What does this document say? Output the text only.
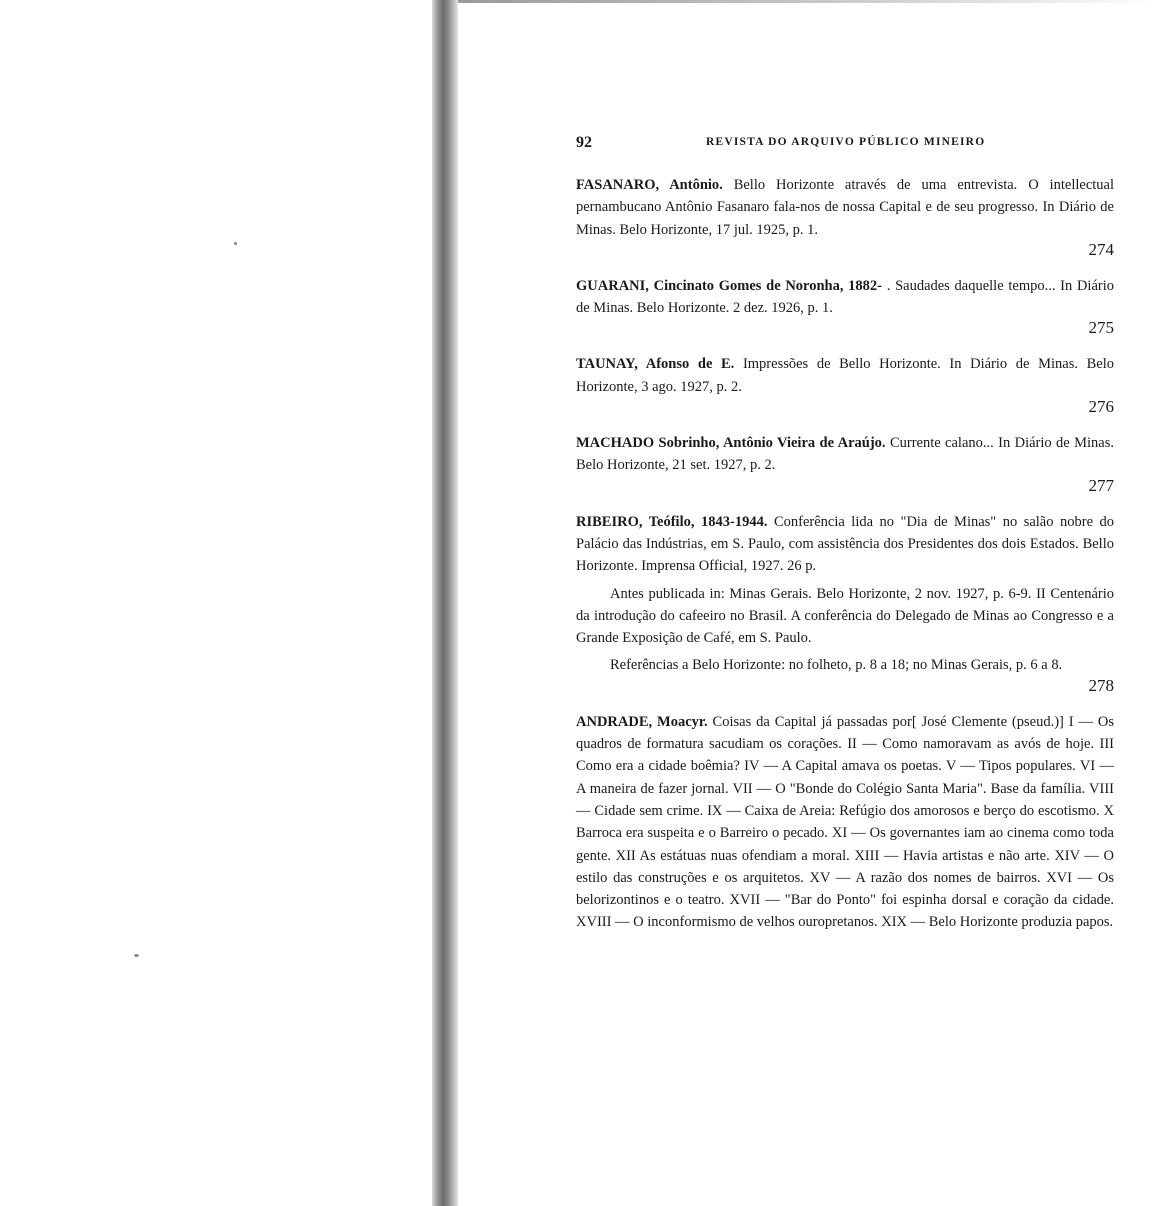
92	REVISTA DO ARQUIVO PÚBLICO MINEIRO

FASANARO, Antônio. Bello Horizonte através de uma entrevista. O intellectual pernambucano Antônio Fasanaro fala-nos de nossa Capital e de seu progresso. In Diário de Minas. Belo Horizonte, 17 jul. 1925, p. 1.

274

GUARANI, Cincinato Gomes de Noronha, 1882- . Saudades daquelle tempo... In Diário de Minas. Belo Horizonte. 2 dez. 1926, p. 1.

275

TAUNAY, Afonso de E. Impressões de Bello Horizonte. In Diário de Minas. Belo Horizonte, 3 ago. 1927, p. 2.

276

MACHADO Sobrinho, Antônio Vieira de Araújo. Currente calano... In Diário de Minas. Belo Horizonte, 21 set. 1927, p. 2.

277

RIBEIRO, Teófilo, 1843-1944. Conferência lida no "Dia de Minas" no salão nobre do Palácio das Indústrias, em S. Paulo, com assistência dos Presidentes dos dois Estados. Bello Horizonte. Imprensa Official, 1927. 26 p.

Antes publicada in: Minas Gerais. Belo Horizonte, 2 nov. 1927, p. 6-9. II Centenário da introdução do cafeeiro no Brasil. A conferência do Delegado de Minas ao Congresso e a Grande Exposição de Café, em S. Paulo.

Referências a Belo Horizonte: no folheto, p. 8 a 18; no Minas Gerais, p. 6 a 8.

278

ANDRADE, Moacyr. Coisas da Capital já passadas por[ José Clemente (pseud.)] I — Os quadros de formatura sacudiam os corações. II — Como namoravam as avós de hoje. III Como era a cidade boêmia? IV — A Capital amava os poetas. V — Tipos populares. VI — A maneira de fazer jornal. VII — O "Bonde do Colégio Santa Maria". Base da família. VIII — Cidade sem crime. IX — Caixa de Areia: Refúgio dos amorosos e berço do escotismo. X Barroca era suspeita e o Barreiro o pecado. XI — Os governantes iam ao cinema como toda gente. XII As estátuas nuas ofendiam a moral. XIII — Havia artistas e não arte. XIV — O estilo das construções e os arquitetos. XV — A razão dos nomes de bairros. XVI — Os belorizontinos e o teatro. XVII — "Bar do Ponto" foi espinha dorsal e coração da cidade. XVIII — O inconformismo de velhos ouropretanos. XIX — Belo Horizonte produzia papos.
